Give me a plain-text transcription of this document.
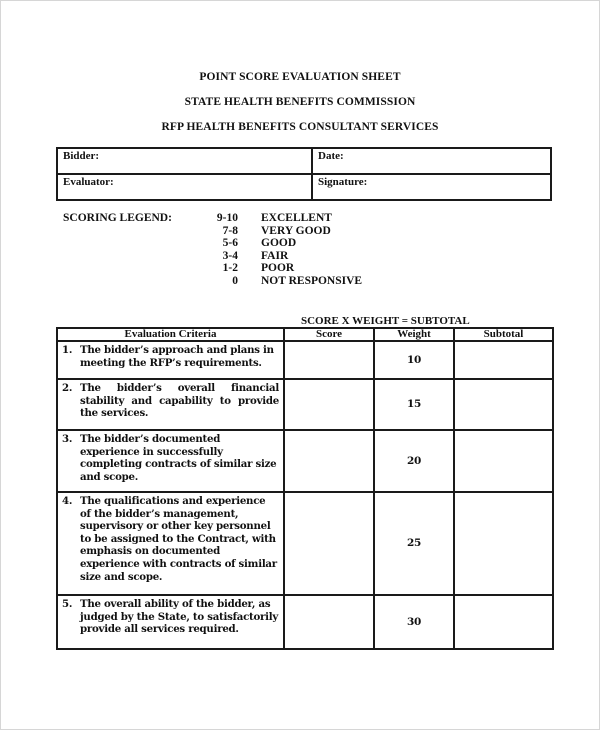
POINT SCORE EVALUATION SHEET
STATE HEALTH BENEFITS COMMISSION
RFP HEALTH BENEFITS CONSULTANT SERVICES
Bidder:	Date:
Evaluator:	Signature:
SCORING LEGEND:	9-10 EXCELLENT
7-8 VERY GOOD
5-6 GOOD
3-4 FAIR
1-2 POOR
0 NOT RESPONSIVE
SCORE X WEIGHT = SUBTOTAL
Evaluation Criteria	Score	Weight	Subtotal

1. The bidder’s approach and plans in meeting the RFP’s requirements.		10	

2. The bidder’s overall financial stability and capability to provide the services.		15	

3. The bidder’s documented experience in successfully completing contracts of similar size and scope.		20	

4. The qualifications and experience of the bidder’s management, supervisory or other key personnel to be assigned to the Contract, with emphasis on documented experience with contracts of similar size and scope.		25	

5. The overall ability of the bidder, as judged by the State, to satisfactorily provide all services required.		30	
